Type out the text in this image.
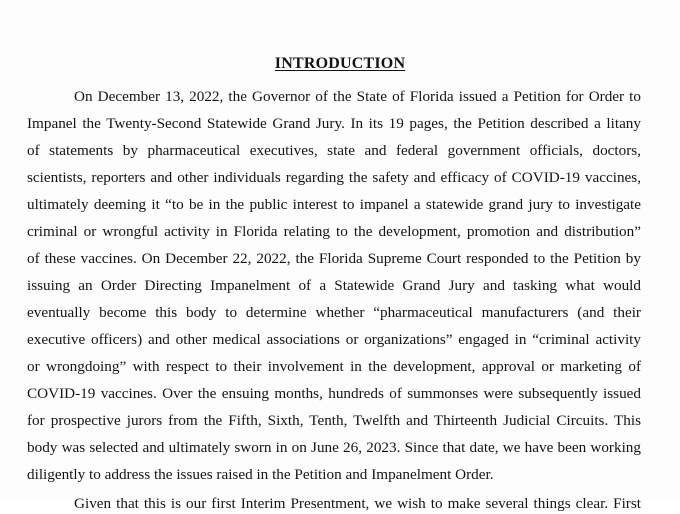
INTRODUCTION
On December 13, 2022, the Governor of the State of Florida issued a Petition for Order to
Impanel the Twenty-Second Statewide Grand Jury. In its 19 pages, the Petition described a litany
of statements by pharmaceutical executives, state and federal government officials, doctors,
scientists, reporters and other individuals regarding the safety and efficacy of COVID-19 vaccines,
ultimately deeming it “to be in the public interest to impanel a statewide grand jury to investigate
criminal or wrongful activity in Florida relating to the development, promotion and distribution”
of these vaccines. On December 22, 2022, the Florida Supreme Court responded to the Petition by
issuing an Order Directing Impanelment of a Statewide Grand Jury and tasking what would
eventually become this body to determine whether “pharmaceutical manufacturers (and their
executive officers) and other medical associations or organizations” engaged in “criminal activity
or wrongdoing” with respect to their involvement in the development, approval or marketing of
COVID-19 vaccines. Over the ensuing months, hundreds of summonses were subsequently issued
for prospective jurors from the Fifth, Sixth, Tenth, Twelfth and Thirteenth Judicial Circuits. This
body was selected and ultimately sworn in on June 26, 2023. Since that date, we have been working
diligently to address the issues raised in the Petition and Impanelment Order.
Given that this is our first Interim Presentment, we wish to make several things clear. First
